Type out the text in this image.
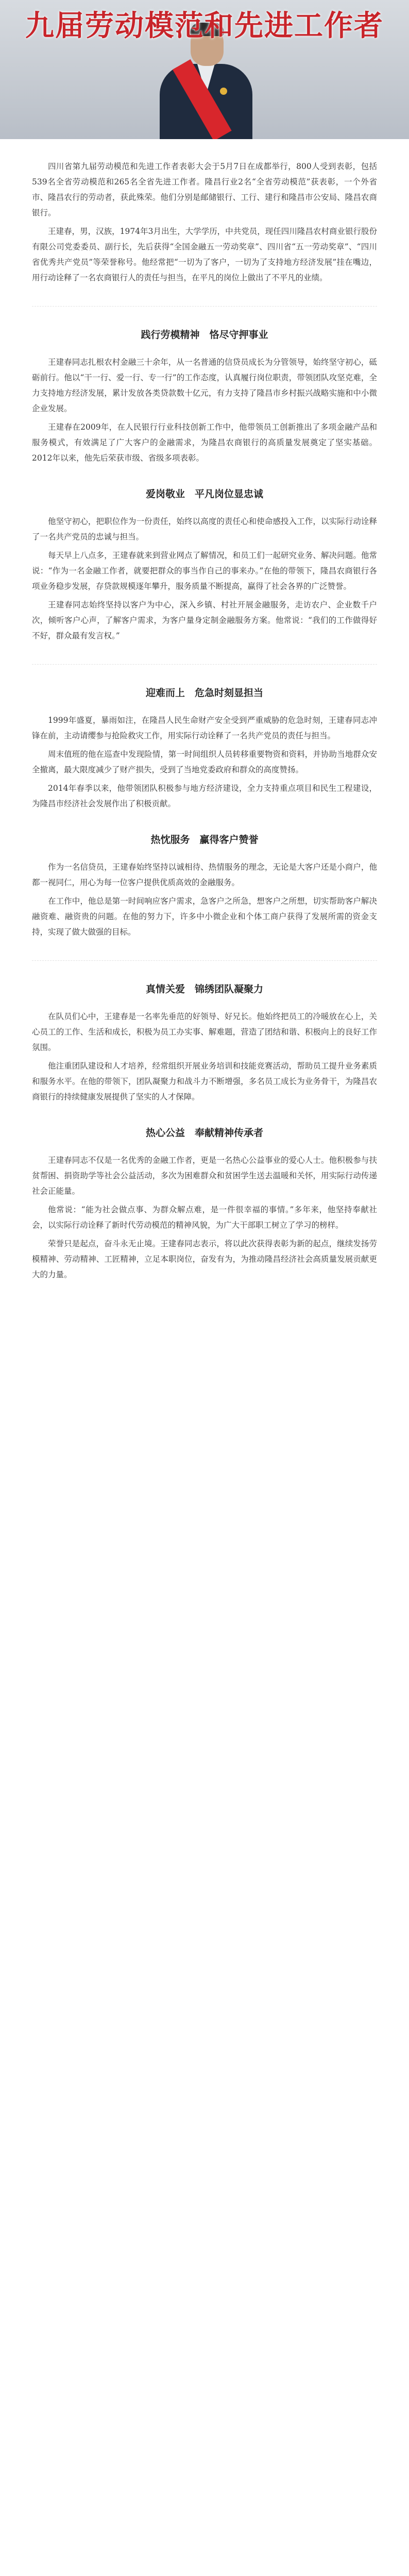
九届劳动模范和先进工作者

四川省第九届劳动模范和先进工作者表彰大会于5月7日在成都举行，800人受到表彰，包括539名全省劳动模范和265名全省先进工作者。隆昌行业2名“全省劳动模范”获表彰，一个外省市、隆昌农行的劳动者，获此殊荣。他们分别是邮储银行、工行、建行和隆昌市公安局、隆昌农商银行。

王建春，男，汉族，1974年3月出生，大学学历，中共党员，现任四川隆昌农村商业银行股份有限公司党委委员、副行长，先后获得“全国金融五一劳动奖章”、四川省“五一劳动奖章”、“四川省优秀共产党员”等荣誉称号。他经常把“一切为了客户，一切为了支持地方经济发展”挂在嘴边，用行动诠释了一名农商银行人的责任与担当，在平凡的岗位上做出了不平凡的业绩。

践行劳模精神　恪尽守押事业

王建春同志扎根农村金融三十余年，从一名普通的信贷员成长为分管领导，始终坚守初心，砥砺前行。他以“干一行、爱一行、专一行”的工作态度，认真履行岗位职责，带领团队攻坚克难，全力支持地方经济发展，累计发放各类贷款数十亿元，有力支持了隆昌市乡村振兴战略实施和中小微企业发展。

王建春在2009年，在人民银行行业科技创新工作中，他带领员工创新推出了多项金融产品和服务模式，有效满足了广大客户的金融需求，为隆昌农商银行的高质量发展奠定了坚实基础。2012年以来，他先后荣获市级、省级多项表彰。

爱岗敬业　平凡岗位显忠诚

他坚守初心，把职位作为一份责任，始终以高度的责任心和使命感投入工作，以实际行动诠释了一名共产党员的忠诚与担当。

每天早上八点多，王建春就来到营业网点了解情况，和员工们一起研究业务、解决问题。他常说：“作为一名金融工作者，就要把群众的事当作自己的事来办。”在他的带领下，隆昌农商银行各项业务稳步发展，存贷款规模逐年攀升，服务质量不断提高，赢得了社会各界的广泛赞誉。

王建春同志始终坚持以客户为中心，深入乡镇、村社开展金融服务，走访农户、企业数千户次，倾听客户心声，了解客户需求，为客户量身定制金融服务方案。他常说：“我们的工作做得好不好，群众最有发言权。”

迎难而上　危急时刻显担当

1999年盛夏，暴雨如注，在隆昌人民生命财产安全受到严重威胁的危急时刻，王建春同志冲锋在前，主动请缨参与抢险救灾工作，用实际行动诠释了一名共产党员的责任与担当。

周末值班的他在巡查中发现险情，第一时间组织人员转移重要物资和资料，并协助当地群众安全撤离，最大限度减少了财产损失，受到了当地党委政府和群众的高度赞扬。

2014年春季以来，他带领团队积极参与地方经济建设，全力支持重点项目和民生工程建设，为隆昌市经济社会发展作出了积极贡献。

热忱服务　赢得客户赞誉

作为一名信贷员，王建春始终坚持以诚相待、热情服务的理念，无论是大客户还是小商户，他都一视同仁，用心为每一位客户提供优质高效的金融服务。

在工作中，他总是第一时间响应客户需求，急客户之所急，想客户之所想，切实帮助客户解决融资难、融资贵的问题。在他的努力下，许多中小微企业和个体工商户获得了发展所需的资金支持，实现了做大做强的目标。

真情关爱　锦绣团队凝聚力

在队员们心中，王建春是一名率先垂范的好领导、好兄长。他始终把员工的冷暖放在心上，关心员工的工作、生活和成长，积极为员工办实事、解难题，营造了团结和谐、积极向上的良好工作氛围。

他注重团队建设和人才培养，经常组织开展业务培训和技能竞赛活动，帮助员工提升业务素质和服务水平。在他的带领下，团队凝聚力和战斗力不断增强，多名员工成长为业务骨干，为隆昌农商银行的持续健康发展提供了坚实的人才保障。

热心公益　奉献精神传承者

王建春同志不仅是一名优秀的金融工作者，更是一名热心公益事业的爱心人士。他积极参与扶贫帮困、捐资助学等社会公益活动，多次为困难群众和贫困学生送去温暖和关怀，用实际行动传递社会正能量。

他常说：“能为社会做点事、为群众解点难，是一件很幸福的事情。”多年来，他坚持奉献社会，以实际行动诠释了新时代劳动模范的精神风貌，为广大干部职工树立了学习的榜样。

荣誉只是起点，奋斗永无止境。王建春同志表示，将以此次获得表彰为新的起点，继续发扬劳模精神、劳动精神、工匠精神，立足本职岗位，奋发有为，为推动隆昌经济社会高质量发展贡献更大的力量。
